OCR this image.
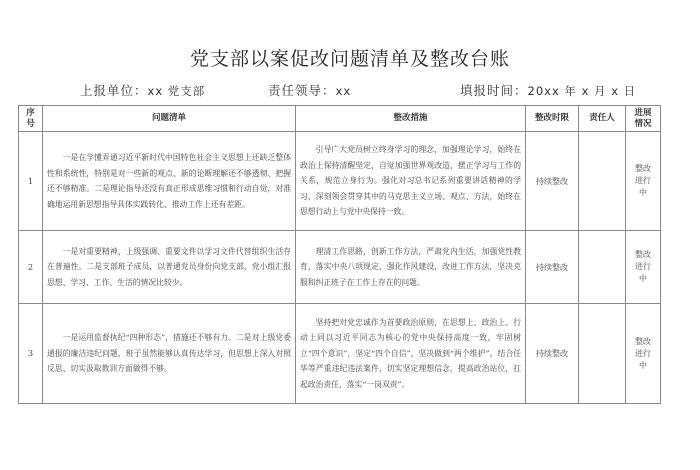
党支部以案促改问题清单及整改台账
上报单位：xx 党支部	责任领导：xx	填报时间：20xx 年 x 月 x 日
序号	问题清单	整改措施	整改时限	责任人	进展情况
1	一是在学懂弄通习近平新时代中国特色社会主义思想上还缺乏整体性和系统性，特别是对一些新的观点、新的论断理解还不够透彻、把握还不够精准。二是理论指导还没有真正形成思维习惯和行动自觉，对准确地运用新思想指导具体实践转化、推动工作上还有差距。	引导广大党员树立终身学习的理念，加强理论学习，始终在政治上保持清醒坚定，自觉加强世界观改造，摆正学习与工作的关系，规范立身行为。强化对习总书记系列重要讲话精神的学习，深刻领会贯穿其中的马克思主义立场、观点、方法，始终在思想行动上与党中央保持一致。	持续整改		整改进行中
2	一是对重要精神、上级强调、重要文件以学习文件代替组织生活存在普遍性。二是支部班子成员，以普通党员身份向党支部、党小组汇报思想、学习、工作、生活的情况比较少。	理清工作思路，创新工作方法，严肃党内生活，加强党性教育，落实中央八项规定，强化作风建设，改进工作方法，坚决克服和纠正班子在工作上存在的问题。	持续整改		整改进行中
3	一是运用监督执纪“四种形态”，措施还不够有力。二是对上级党委通报的廉洁违纪问题，班子虽然能够认真传达学习，但思想上深入对照反思、切实汲取教训方面做得不够。	坚持把对党忠诚作为首要政治原则，在思想上、政治上、行动上同以习近平同志为核心的党中央保持高度一致，牢固树立“四个意识”，坚定“四个自信”，坚决做到“两个维护”。结合任华等严重违纪违法案件，切实坚定理想信念，提高政治站位，扛起政治责任，落实“一岗双责”。	持续整改		整改进行中
